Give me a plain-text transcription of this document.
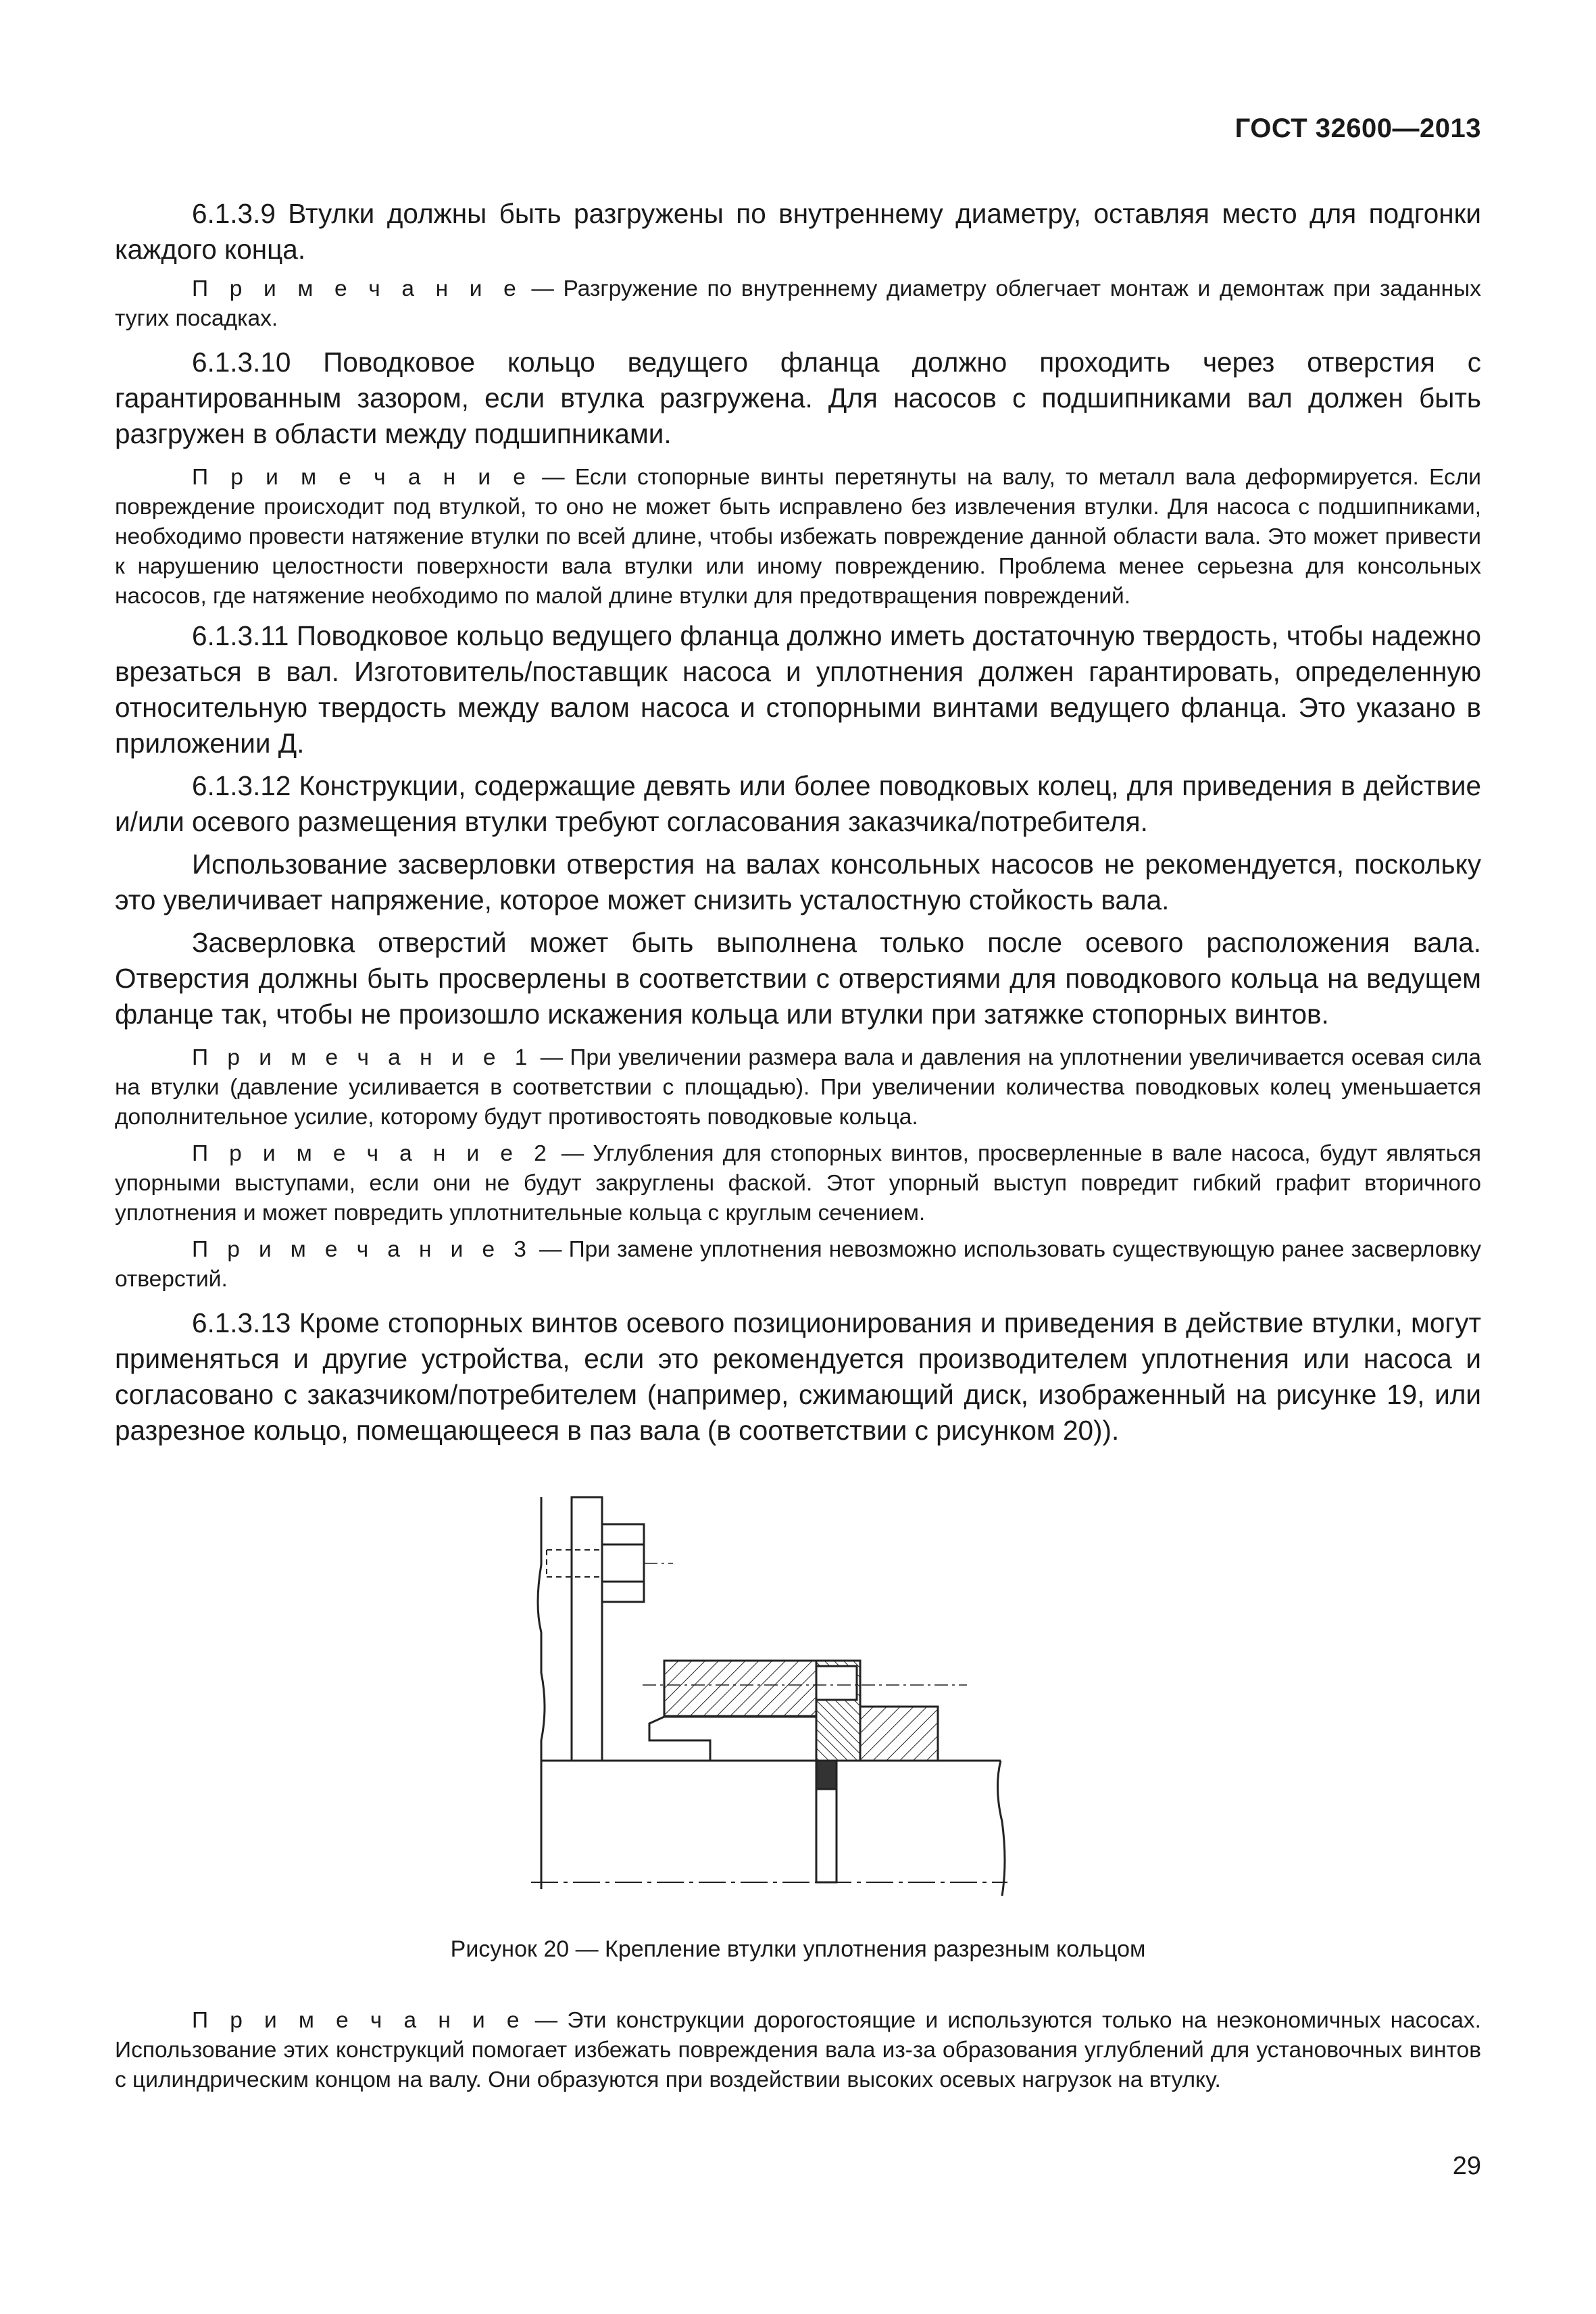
ГОСТ 32600—2013

6.1.3.9 Втулки должны быть разгружены по внутреннему диаметру, оставляя место для подгонки каждого конца.

П р и м е ч а н и е — Разгружение по внутреннему диаметру облегчает монтаж и демонтаж при заданных тугих посадках.

6.1.3.10 Поводковое кольцо ведущего фланца должно проходить через отверстия с гарантированным зазором, если втулка разгружена. Для насосов с подшипниками вал должен быть разгружен в области между подшипниками.

П р и м е ч а н и е — Если стопорные винты перетянуты на валу, то металл вала деформируется. Если повреждение происходит под втулкой, то оно не может быть исправлено без извлечения втулки. Для насоса с подшипниками, необходимо провести натяжение втулки по всей длине, чтобы избежать повреждение данной области вала. Это может привести к нарушению целостности поверхности вала втулки или иному повреждению. Проблема менее серьезна для консольных насосов, где натяжение необходимо по малой длине втулки для предотвращения повреждений.

6.1.3.11 Поводковое кольцо ведущего фланца должно иметь достаточную твердость, чтобы надежно врезаться в вал. Изготовитель/поставщик насоса и уплотнения должен гарантировать, определенную относительную твердость между валом насоса и стопорными винтами ведущего фланца. Это указано в приложении Д.

6.1.3.12 Конструкции, содержащие девять или более поводковых колец, для приведения в действие и/или осевого размещения втулки требуют согласования заказчика/потребителя.

Использование засверловки отверстия на валах консольных насосов не рекомендуется, поскольку это увеличивает напряжение, которое может снизить усталостную стойкость вала.

Засверловка отверстий может быть выполнена только после осевого расположения вала. Отверстия должны быть просверлены в соответствии с отверстиями для поводкового кольца на ведущем фланце так, чтобы не произошло искажения кольца или втулки при затяжке стопорных винтов.

П р и м е ч а н и е 1 — При увеличении размера вала и давления на уплотнении увеличивается осевая сила на втулки (давление усиливается в соответствии с площадью). При увеличении количества поводковых колец уменьшается дополнительное усилие, которому будут противостоять поводковые кольца.

П р и м е ч а н и е 2 — Углубления для стопорных винтов, просверленные в вале насоса, будут являться упорными выступами, если они не будут закруглены фаской. Этот упорный выступ повредит гибкий графит вторичного уплотнения и может повредить уплотнительные кольца с круглым сечением.

П р и м е ч а н и е 3 — При замене уплотнения невозможно использовать существующую ранее засверловку отверстий.

6.1.3.13 Кроме стопорных винтов осевого позиционирования и приведения в действие втулки, могут применяться и другие устройства, если это рекомендуется производителем уплотнения или насоса и согласовано с заказчиком/потребителем (например, сжимающий диск, изображенный на рисунке 19, или разрезное кольцо, помещающееся в паз вала (в соответствии с рисунком 20)).

Рисунок 20 — Крепление втулки уплотнения разрезным кольцом

П р и м е ч а н и е — Эти конструкции дорогостоящие и используются только на неэкономичных насосах. Использование этих конструкций помогает избежать повреждения вала из-за образования углублений для установочных винтов с цилиндрическим концом на валу. Они образуются при воздействии высоких осевых нагрузок на втулку.

29
